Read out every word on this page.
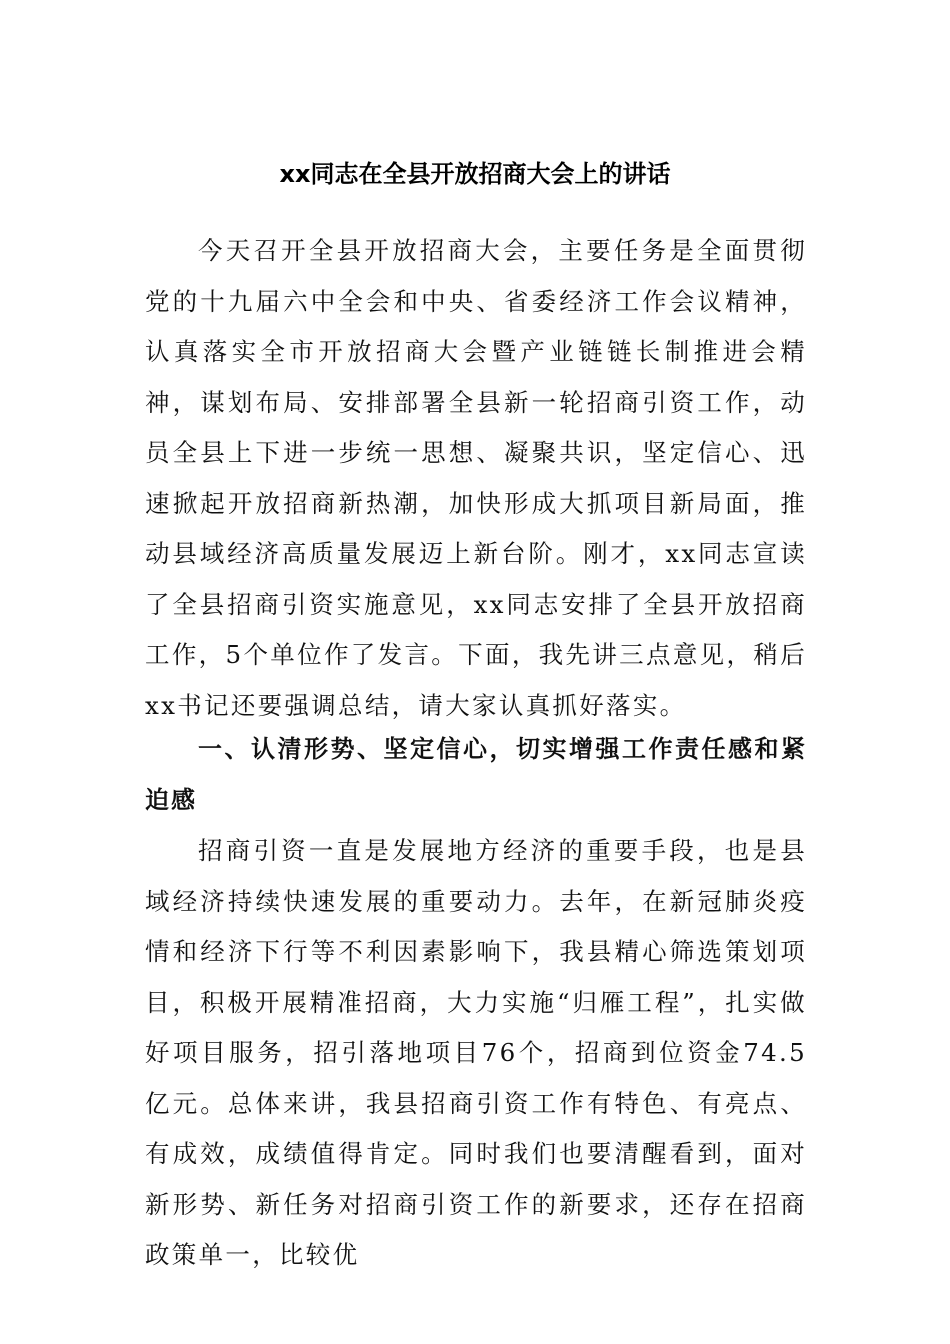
xx同志在全县开放招商大会上的讲话

今天召开全县开放招商大会，主要任务是全面贯彻党的十九届六中全会和中央、省委经济工作会议精神，认真落实全市开放招商大会暨产业链链长制推进会精神，谋划布局、安排部署全县新一轮招商引资工作，动员全县上下进一步统一思想、凝聚共识，坚定信心、迅速掀起开放招商新热潮，加快形成大抓项目新局面，推动县域经济高质量发展迈上新台阶。刚才，xx同志宣读了全县招商引资实施意见，xx同志安排了全县开放招商工作，5个单位作了发言。下面，我先讲三点意见，稍后xx书记还要强调总结，请大家认真抓好落实。

一、认清形势、坚定信心，切实增强工作责任感和紧迫感

招商引资一直是发展地方经济的重要手段，也是县域经济持续快速发展的重要动力。去年，在新冠肺炎疫情和经济下行等不利因素影响下，我县精心筛选策划项目，积极开展精准招商，大力实施“归雁工程”，扎实做好项目服务，招引落地项目76个，招商到位资金74.5亿元。总体来讲，我县招商引资工作有特色、有亮点、有成效，成绩值得肯定。同时我们也要清醒看到，面对新形势、新任务对招商引资工作的新要求，还存在招商政策单一，比较优
